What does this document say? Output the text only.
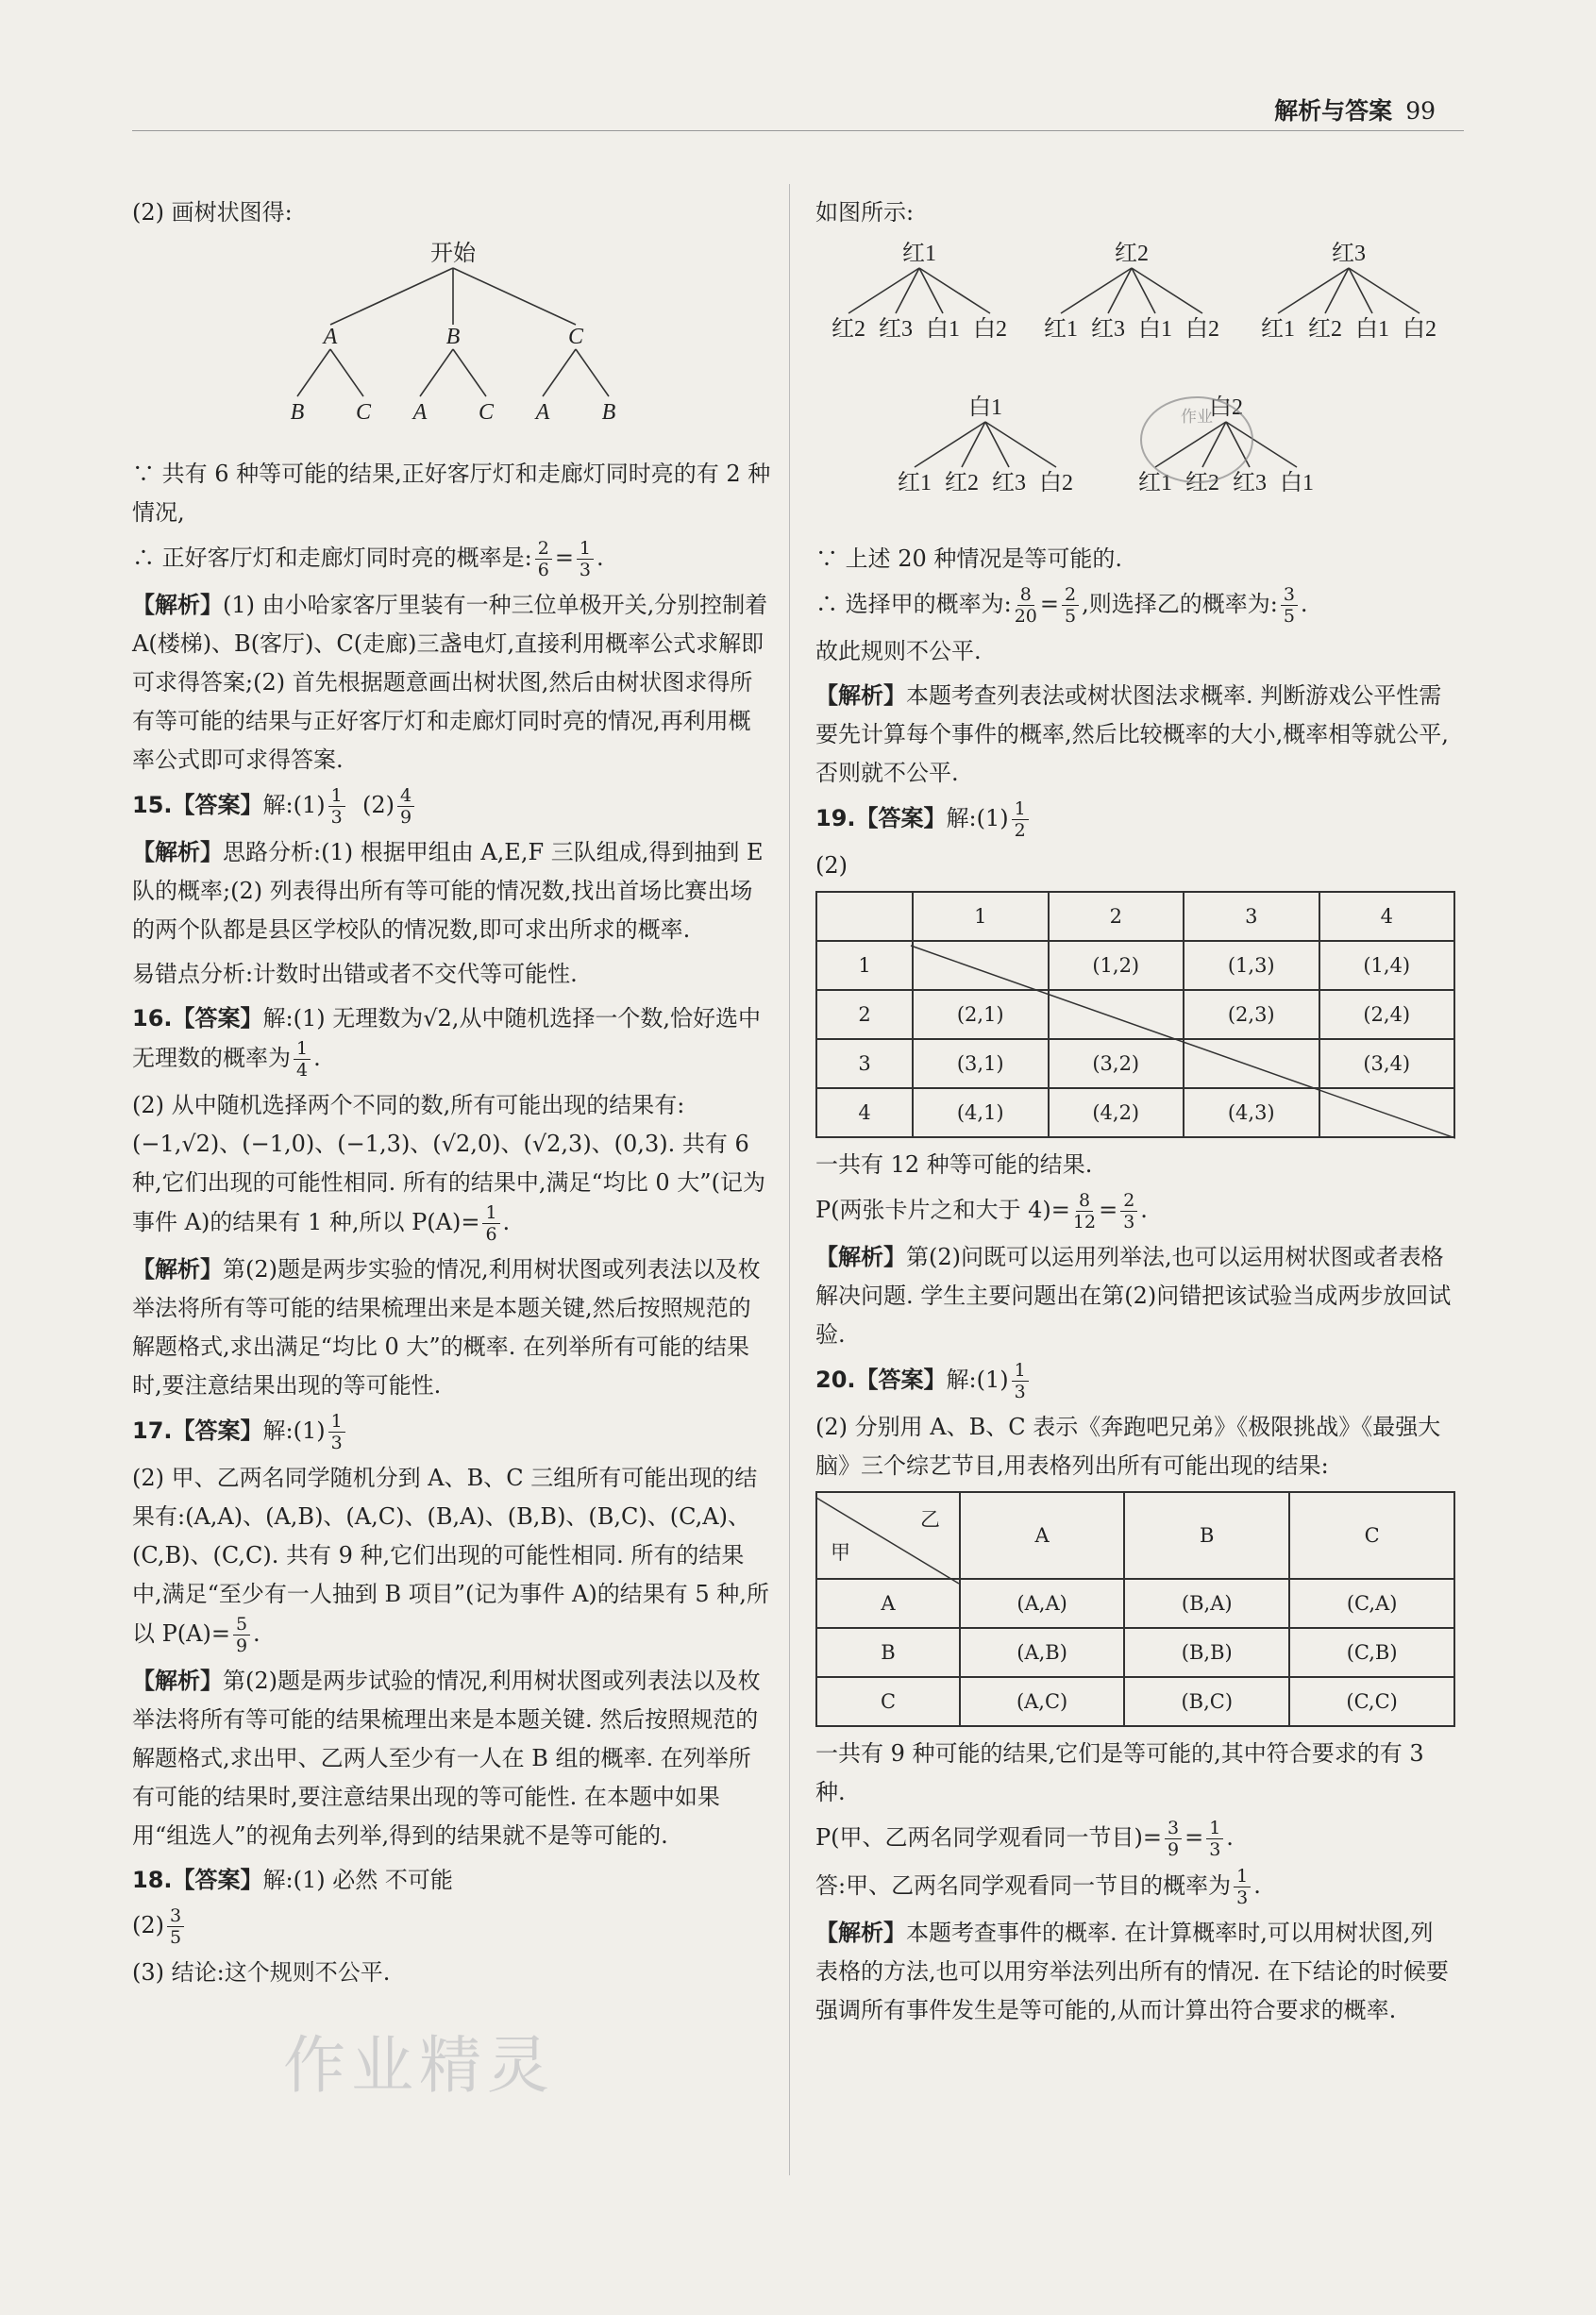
解析与答案 99

(2) 画树状图得:

开始
A	B	C
B C A C A B

∵ 共有 6 种等可能的结果,正好客厅灯和走廊灯同时亮的有 2 种情况,

∴ 正好客厅灯和走廊灯同时亮的概率是: $\frac{2}{6} = \frac{1}{3}$ .

【解析】(1) 由小哈家客厅里装有一种三位单极开关,分别控制着 A(楼梯)、B(客厅)、C(走廊)三盏电灯,直接利用概率公式求解即可求得答案;(2) 首先根据题意画出树状图,然后由树状图求得所有等可能的结果与正好客厅灯和走廊灯同时亮的情况,再利用概率公式即可求得答案.

15.【答案】解:(1) $\frac{1}{3} (2) \frac{4}{9}$

【解析】思路分析:(1) 根据甲组由 A,E,F 三队组成,得到抽到 E 队的概率;(2) 列表得出所有等可能的情况数,找出首场比赛出场的两个队都是县区学校队的情况数,即可求出所求的概率.

易错点分析:计数时出错或者不交代等可能性.

16.【答案】解:(1) 无理数为√2,从中随机选择一个数,恰好选中无理数的概率为 $\frac{1}{4}$ .

(2) 从中随机选择两个不同的数,所有可能出现的结果有:(−1,√2)、(−1,0)、(−1,3)、(√2,0)、(√2,3)、(0,3). 共有 6 种,它们出现的可能性相同. 所有的结果中,满足“均比 0 大”(记为事件 A)的结果有 1 种,所以 $P(A)= \frac{1}{6}$ .

【解析】第(2)题是两步实验的情况,利用树状图或列表法以及枚举法将所有等可能的结果梳理出来是本题关键,然后按照规范的解题格式,求出满足“均比 0 大”的概率. 在列举所有可能的结果时,要注意结果出现的等可能性.

17.【答案】解:(1) $\frac{1}{3}$

(2) 甲、乙两名同学随机分到 A、B、C 三组所有可能出现的结果有:(A,A)、(A,B)、(A,C)、(B,A)、(B,B)、(B,C)、(C,A)、(C,B)、(C,C). 共有 9 种,它们出现的可能性相同. 所有的结果中,满足“至少有一人抽到 B 项目”(记为事件 A)的结果有 5 种,所以 $P(A)= \frac{5}{9}$ .

【解析】第(2)题是两步试验的情况,利用树状图或列表法以及枚举法将所有等可能的结果梳理出来是本题关键. 然后按照规范的解题格式,求出甲、乙两人至少有一人在 B 组的概率. 在列举所有可能的结果时,要注意结果出现的等可能性. 在本题中如果用“组选人”的视角去列举,得到的结果就不是等可能的.

18.【答案】解:(1) 必然 不可能

$(2) \frac{3}{5}$

(3) 结论:这个规则不公平.

如图所示:

红1	红2	红3
红2 红3 白1 白2 红1 红3 白1 白2 红1 红2 白1 白2
白1	白2
红1 红2 红3 白2	红1 红2 红3 白1

∵ 上述 20 种情况是等可能的.

∴ 选择甲的概率为: $\frac{8}{20} = \frac{2}{5}$ ,则选择乙的概率为: $\frac{3}{5}$ .

故此规则不公平.

【解析】本题考查列表法或树状图法求概率. 判断游戏公平性需要先计算每个事件的概率,然后比较概率的大小,概率相等就公平,否则就不公平.

19.【答案】解:(1) $\frac{1}{2}$

(2)

	1	2	3	4
1		(1,2)	(1,3)	(1,4)
2	(2,1)		(2,3)	(2,4)
3	(3,1)	(3,2)		(3,4)
4	(4,1)	(4,2)	(4,3)	

一共有 12 种等可能的结果.

P(两张卡片之和大于 $4)= \frac{8}{12} = \frac{2}{3}$ .

【解析】第(2)问既可以运用列举法,也可以运用树状图或者表格解决问题. 学生主要问题出在第(2)问错把该试验当成两步放回试验.

20.【答案】解:(1) $\frac{1}{3}$

(2) 分别用 A、B、C 表示《奔跑吧兄弟》《极限挑战》《最强大脑》三个综艺节目,用表格列出所有可能出现的结果:

乙
甲	A	B	C
A	(A,A)	(B,A)	(C,A)
B	(A,B)	(B,B)	(C,B)
C	(A,C)	(B,C)	(C,C)

一共有 9 种可能的结果,它们是等可能的,其中符合要求的有 3 种.

P(甲、乙两名同学观看同一节目)= $\frac{3}{9} = \frac{1}{3}$ .

答:甲、乙两名同学观看同一节目的概率为 $\frac{1}{3}$ .

【解析】本题考查事件的概率. 在计算概率时,可以用树状图,列表格的方法,也可以用穷举法列出所有的情况. 在下结论的时候要强调所有事件发生是等可能的,从而计算出符合要求的概率.

作业
作业精灵
